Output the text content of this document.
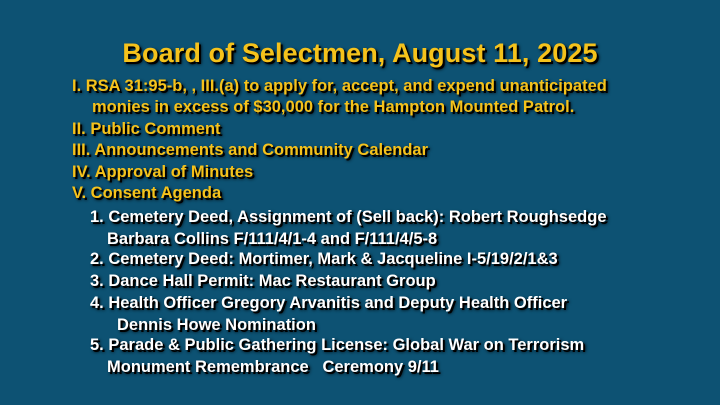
Board of Selectmen, August 11, 2025
I. RSA 31:95-b, , III.(a) to apply for, accept, and expend unanticipated
monies in excess of $30,000 for the Hampton Mounted Patrol.
II. Public Comment
III. Announcements and Community Calendar
IV. Approval of Minutes
V. Consent Agenda
1. Cemetery Deed, Assignment of (Sell back): Robert Roughsedge
Barbara Collins F/111/4/1-4 and F/111/4/5-8
2. Cemetery Deed: Mortimer, Mark & Jacqueline I-5/19/2/1&3
3. Dance Hall Permit: Mac Restaurant Group
4. Health Officer Gregory Arvanitis and Deputy Health Officer
Dennis Howe Nomination
5. Parade & Public Gathering License: Global War on Terrorism
Monument Remembrance   Ceremony 9/11
